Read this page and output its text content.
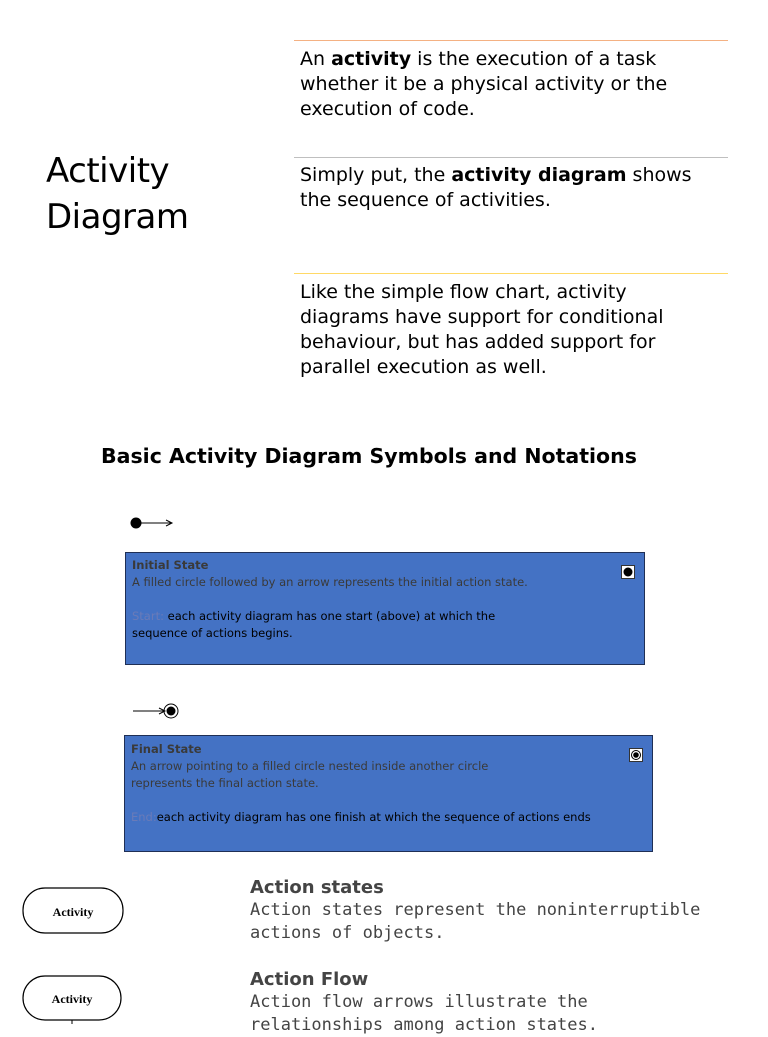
Activity
Diagram
An activity is the execution of a task whether it be a physical activity or the execution of code.
Simply put, the activity diagram shows the sequence of activities.
Like the simple flow chart, activity diagrams have support for conditional behaviour, but has added support for parallel execution as well.
Basic Activity Diagram Symbols and Notations
Initial State
A filled circle followed by an arrow represents the initial action state.
Start: each activity diagram has one start (above) at which the sequence of actions begins.
Final State
An arrow pointing to a filled circle nested inside another circle represents the final action state.
End:each activity diagram has one finish at which the sequence of actions ends
Activity
Action states
Action states represent the noninterruptible actions of objects.
Activity
Action Flow
Action flow arrows illustrate the relationships among action states.
